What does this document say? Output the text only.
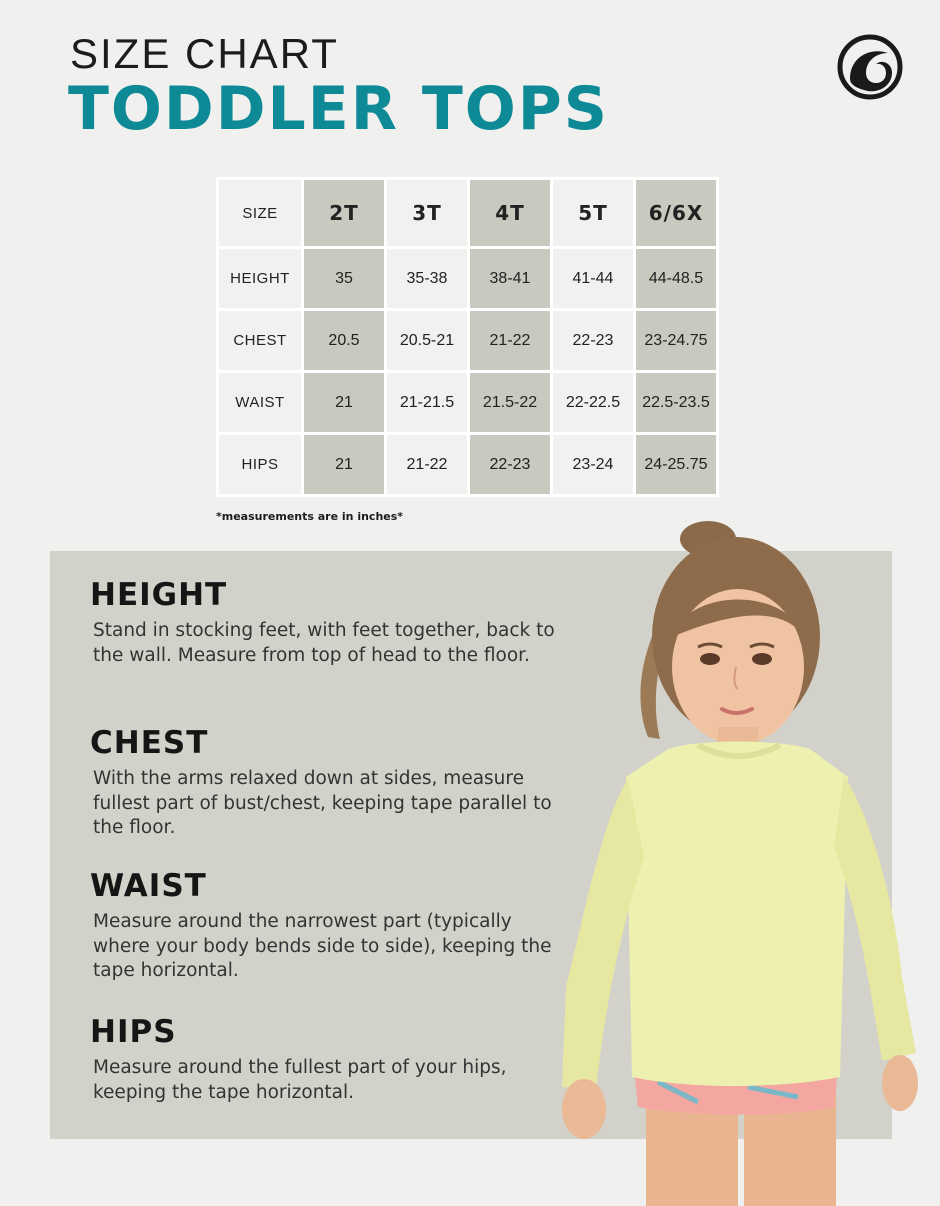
SIZE CHART
TODDLER TOPS
SIZE	2T	3T	4T	5T	6/6X
HEIGHT	35	35-38	38-41	41-44	44-48.5
CHEST	20.5	20.5-21	21-22	22-23	23-24.75
WAIST	21	21-21.5	21.5-22	22-22.5	22.5-23.5
HIPS	21	21-22	22-23	23-24	24-25.75
*measurements are in inches*
HEIGHT

Stand in stocking feet, with feet together, back to the wall. Measure from top of head to the floor.

CHEST

With the arms relaxed down at sides, measure fullest part of bust/chest, keeping tape parallel to the floor.

WAIST

Measure around the narrowest part (typically where your body bends side to side), keeping the tape horizontal.

HIPS

Measure around the fullest part of your hips, keeping the tape horizontal.
